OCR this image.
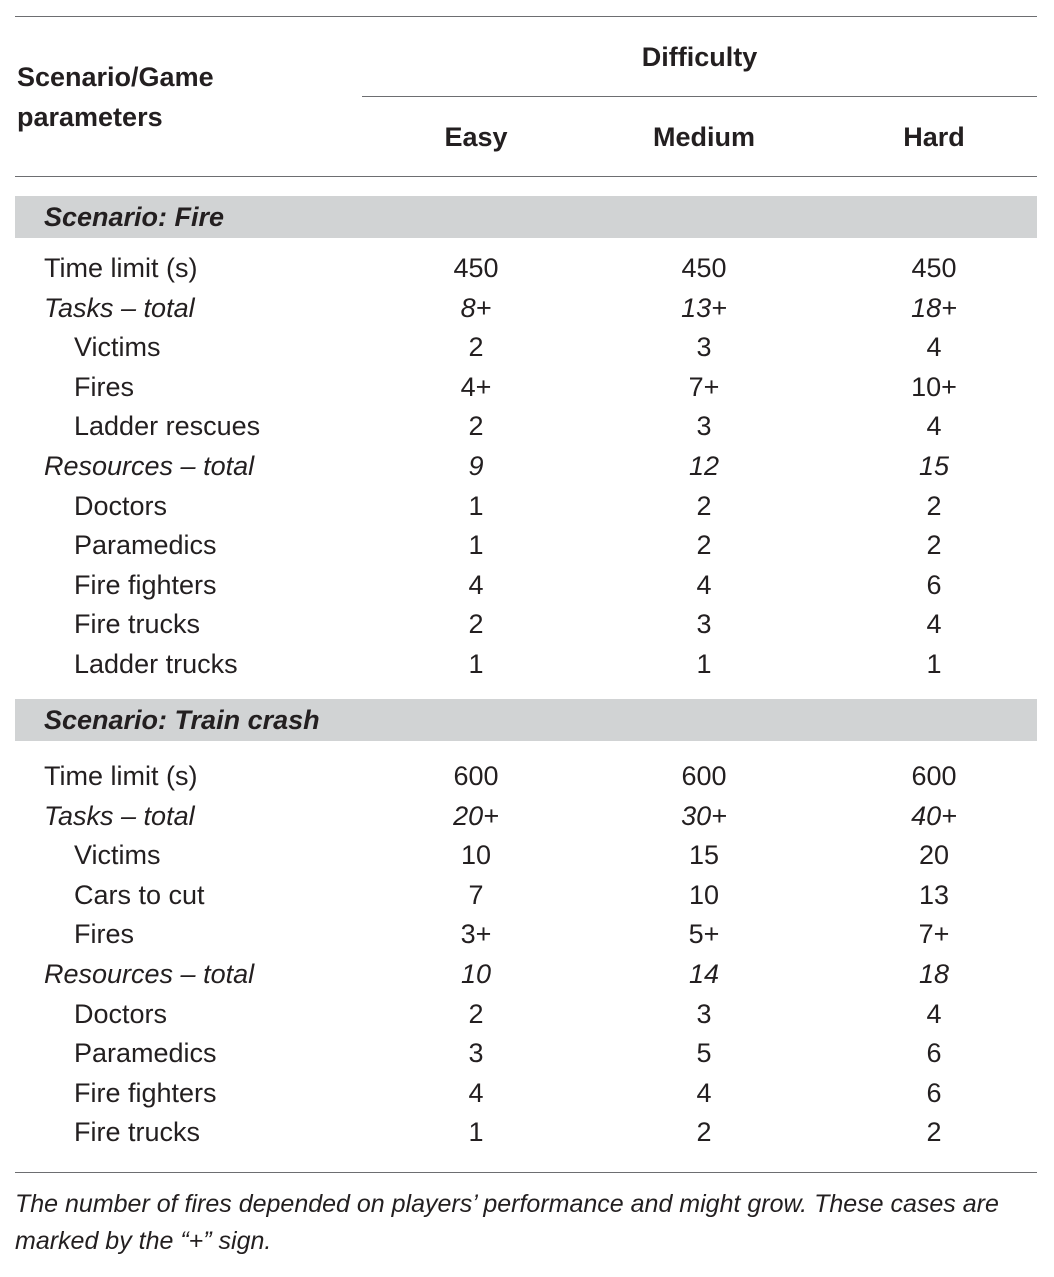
Scenario/Game parameters
Difficulty
Easy	Medium	Hard
Scenario: Fire
Time limit (s)	450	450	450
Tasks – total	8+	13+	18+
Victims	2	3	4
Fires	4+	7+	10+
Ladder rescues	2	3	4
Resources – total	9	12	15
Doctors	1	2	2
Paramedics	1	2	2
Fire fighters	4	4	6
Fire trucks	2	3	4
Ladder trucks	1	1	1
Scenario: Train crash
Time limit (s)	600	600	600
Tasks – total	20+	30+	40+
Victims	10	15	20
Cars to cut	7	10	13
Fires	3+	5+	7+
Resources – total	10	14	18
Doctors	2	3	4
Paramedics	3	5	6
Fire fighters	4	4	6
Fire trucks	1	2	2
The number of fires depended on players’ performance and might grow. These cases are marked by the “+” sign.
